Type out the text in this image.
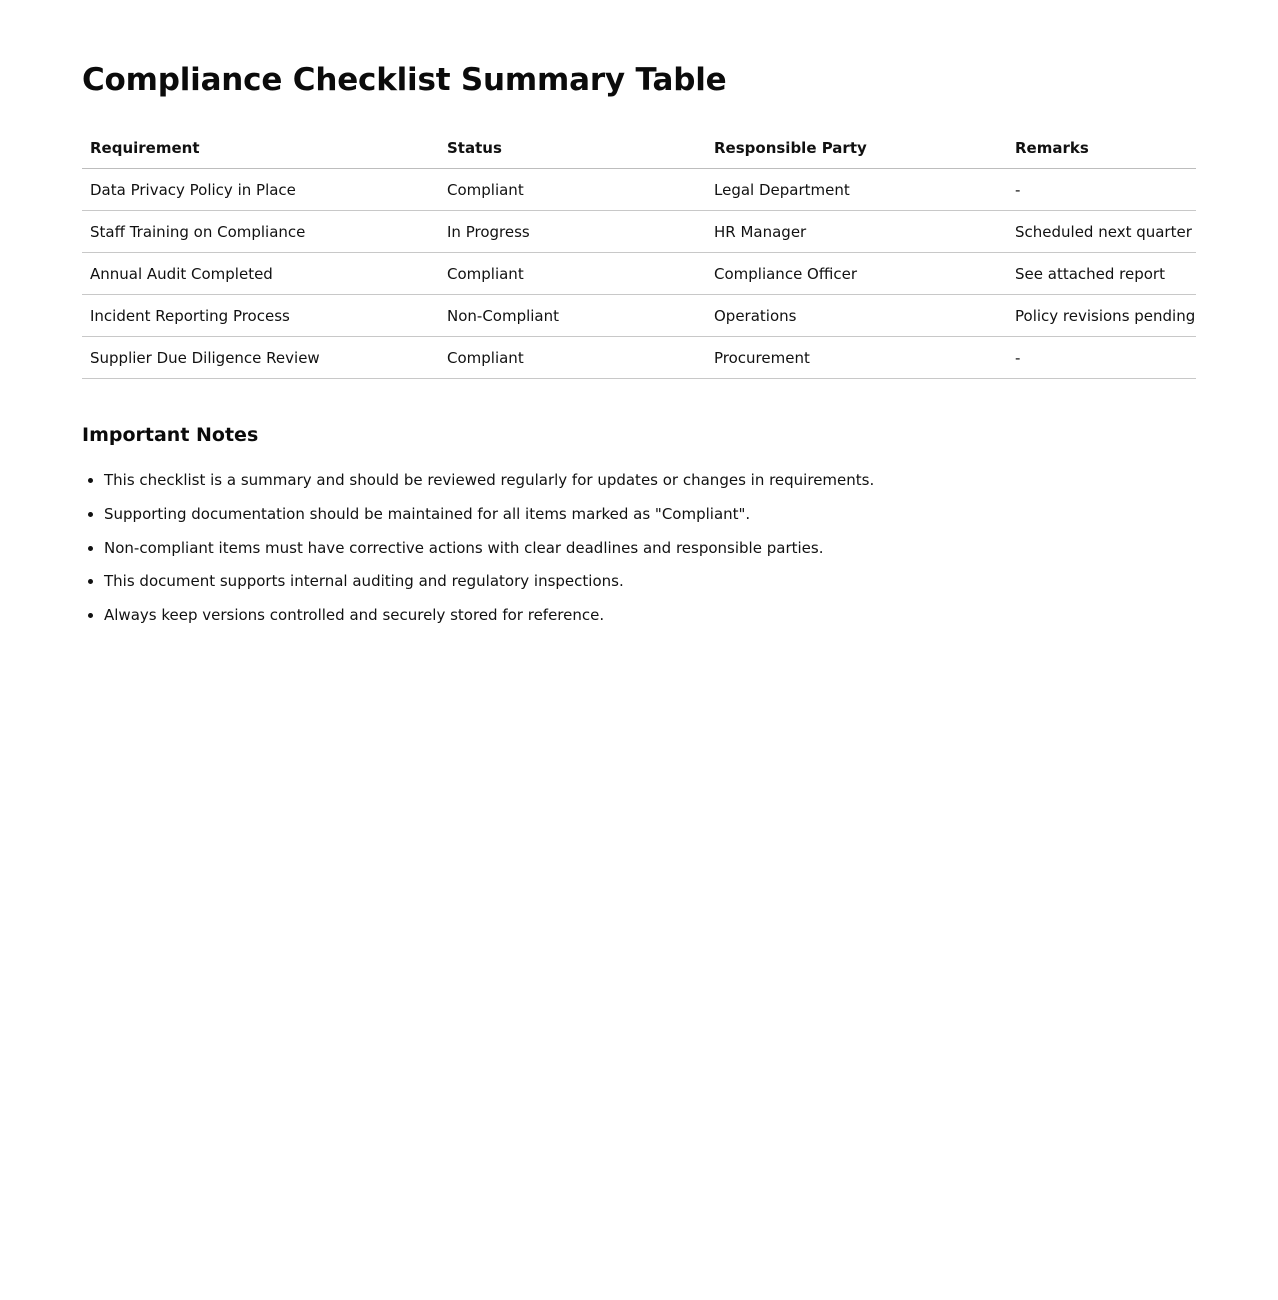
Compliance Checklist Summary Table
Requirement	Status	Responsible Party	Remarks
Data Privacy Policy in Place	Compliant	Legal Department	-
Staff Training on Compliance	In Progress	HR Manager	Scheduled next quarter
Annual Audit Completed	Compliant	Compliance Officer	See attached report
Incident Reporting Process	Non-Compliant	Operations	Policy revisions pending
Supplier Due Diligence Review	Compliant	Procurement	-
Important Notes
• This checklist is a summary and should be reviewed regularly for updates or changes in requirements.
• Supporting documentation should be maintained for all items marked as "Compliant".
• Non-compliant items must have corrective actions with clear deadlines and responsible parties.
• This document supports internal auditing and regulatory inspections.
• Always keep versions controlled and securely stored for reference.
